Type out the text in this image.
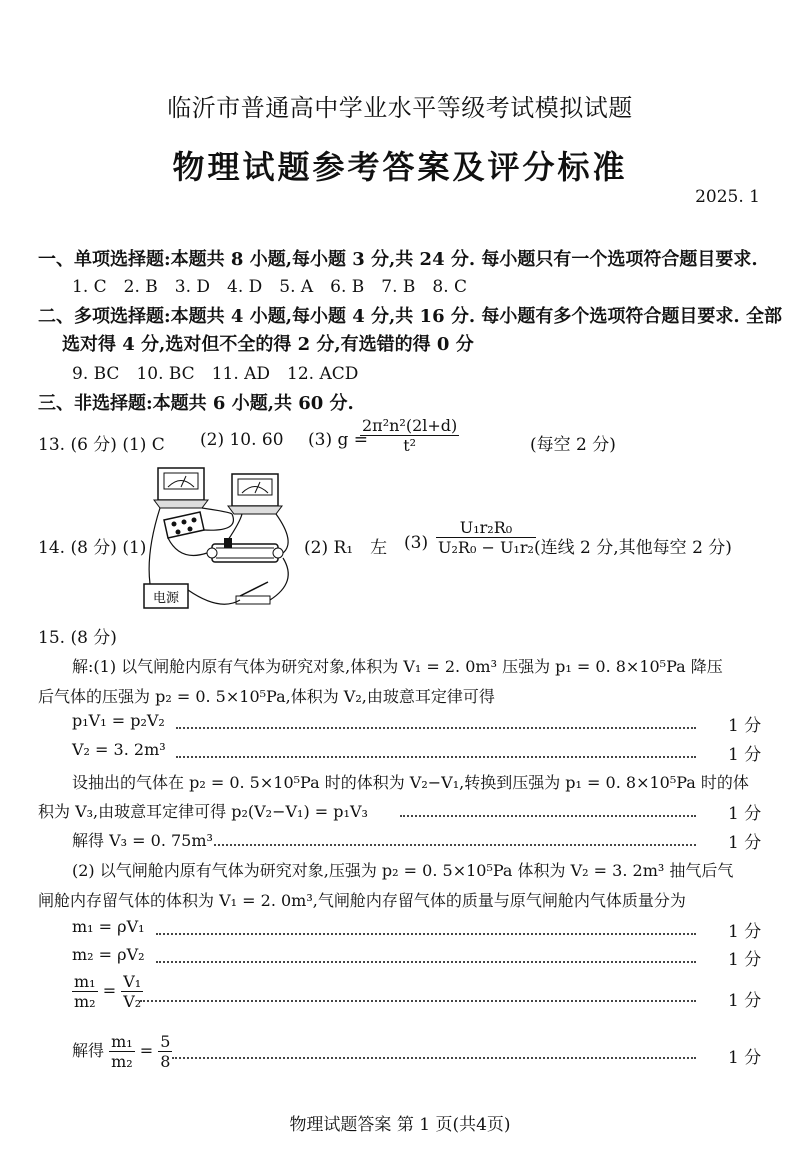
临沂市普通高中学业水平等级考试模拟试题
物理试题参考答案及评分标准
2025. 1
一、单项选择题:本题共 8 小题,每小题 3 分,共 24 分. 每小题只有一个选项符合题目要求.
1. C　2. B　3. D　4. D　5. A　6. B　7. B　8. C
二、多项选择题:本题共 4 小题,每小题 4 分,共 16 分. 每小题有多个选项符合题目要求. 全部
选对得 4 分,选对但不全的得 2 分,有选错的得 0 分
9. BC　10. BC　11. AD　12. ACD
三、非选择题:本题共 6 小题,共 60 分.
13. (6 分) (1) C (2) 10. 60 (3) g =
$\frac{\text{2π²n²(2l+d)}}{\text{t²}}$	(每空 2 分)
14. (8 分) (1)
电源
(2) R₁　左 $(3) \frac{\text{U₁r₂R₀}}{\text{U₂R₀ − U₁r₂}}$
(连线 2 分,其他每空 2 分)
15. (8 分)
解:(1) 以气闸舱内原有气体为研究对象,体积为 V₁ = 2. 0m³ 压强为 p₁ = 0. 8×10⁵Pa 降压
后气体的压强为 p₂ = 0. 5×10⁵Pa,体积为 V₂,由玻意耳定律可得
p₁V₁ = p₂V₂	1 分
V₂ = 3. 2m³	1 分
设抽出的气体在 p₂ = 0. 5×10⁵Pa 时的体积为 V₂−V₁,转换到压强为 p₁ = 0. 8×10⁵Pa 时的体
积为 V₃,由玻意耳定律可得 p₂(V₂−V₁) = p₁V₃	1 分
解得 V₃ = 0. 75m³	1 分
(2) 以气闸舱内原有气体为研究对象,压强为 p₂ = 0. 5×10⁵Pa 体积为 V₂ = 3. 2m³ 抽气后气
闸舱内存留气体的体积为 V₁ = 2. 0m³,气闸舱内存留气体的质量与原气闸舱内气体质量分为
m₁ = ρV₁	1 分
m₂ = ρV₂	1 分
$\frac{\text{m₁}}{\text{m₂}} = \frac{\text{V₁}}{\text{V₂}}$	1 分
解得 $\frac{\text{m₁}}{\text{m₂}} = \frac{5}{8}$	1 分
物理试题答案 第 1 页(共4页)
